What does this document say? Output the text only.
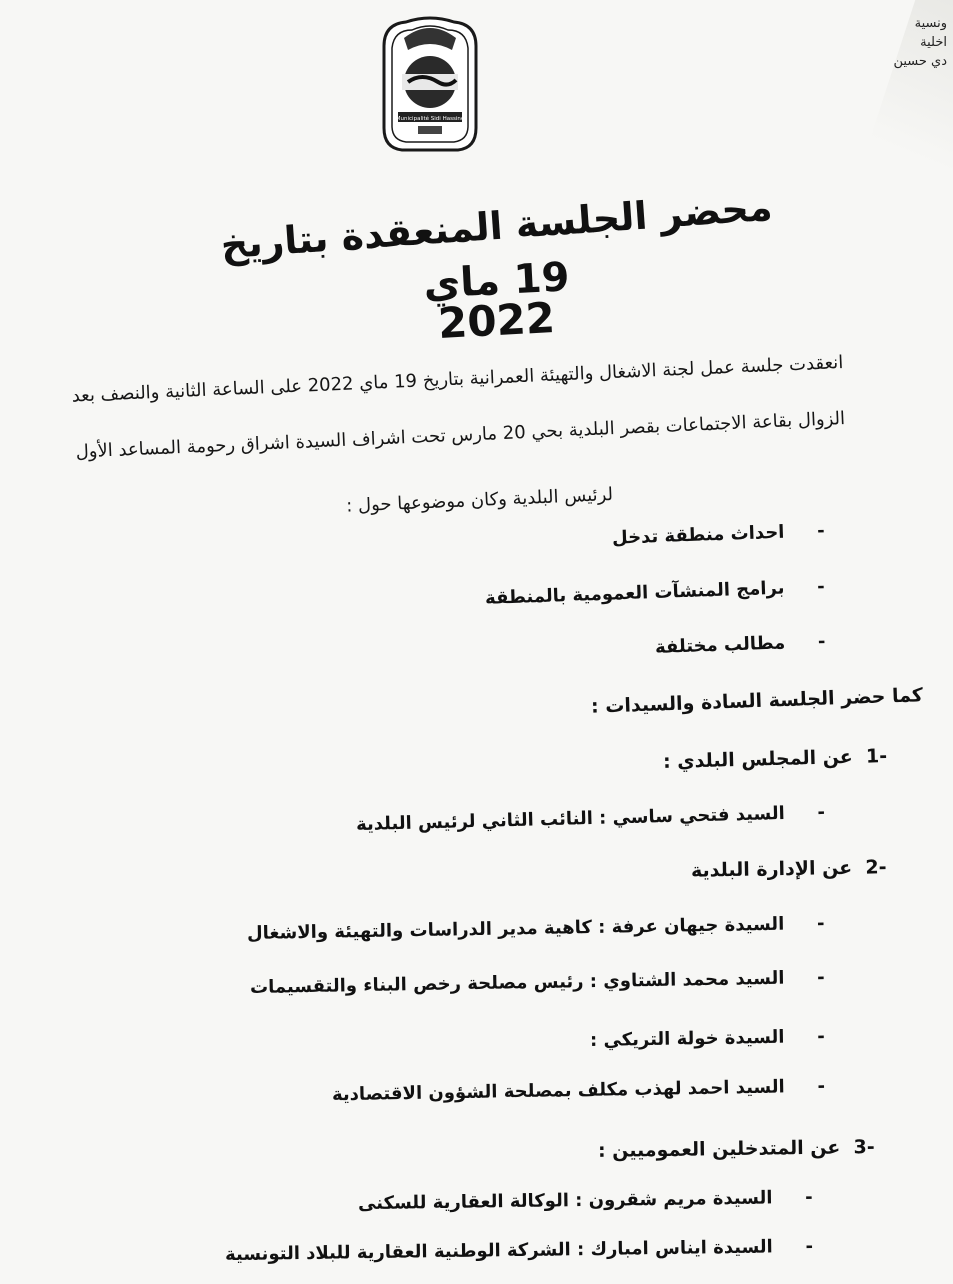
ونسية
اخلية
دي حسين
Municipalité Sidi Hassine
محضر الجلسة المنعقدة بتاريخ
19 ماي
2022
انعقدت جلسة عمل لجنة الاشغال والتهيئة العمرانية بتاريخ 19 ماي 2022 على الساعة الثانية والنصف بعد
الزوال بقاعة الاجتماعات بقصر البلدية بحي 20 مارس تحت اشراف السيدة اشراق رحومة المساعد الأول
لرئيس البلدية وكان موضوعها حول :
- احداث منطقة تدخل
- برامج المنشآت العمومية بالمنطقة
- مطالب مختلفة
كما حضر الجلسة السادة والسيدات :
-1  عن المجلس البلدي :
- السيد فتحي ساسي : النائب الثاني لرئيس البلدية
-2  عن الإدارة البلدية
- السيدة جيهان عرفة : كاهية مدير الدراسات والتهيئة والاشغال
- السيد محمد الشتاوي : رئيس مصلحة رخص البناء والتقسيمات
- السيدة خولة التريكي :
- السيد احمد لهذب مكلف بمصلحة الشؤون الاقتصادية
-3  عن المتدخلين العموميين :
- السيدة مريم شقرون : الوكالة العقارية للسكنى
- السيدة ايناس امبارك : الشركة الوطنية العقارية للبلاد التونسية
